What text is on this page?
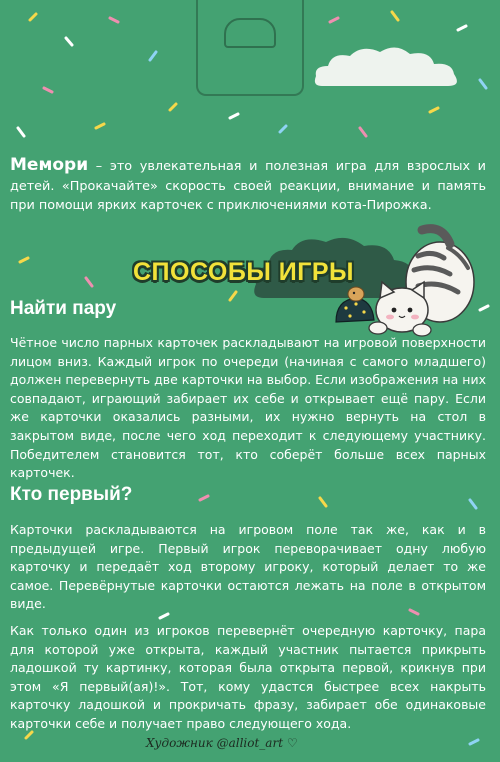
Мемори – это увлекательная и полезная игра для взрослых и детей. «Прокачайте» скорость своей реакции, внимание и память при помощи ярких карточек с приключениями кота-Пирожка.
СПОСОБЫ ИГРЫ
Найти пару
Чётное число парных карточек раскладывают на игровой поверхности лицом вниз. Каждый игрок по очереди (начиная с самого младшего) должен перевернуть две карточки на выбор. Если изображения на них совпадают, играющий забирает их себе и открывает ещё пару. Если же карточки оказались разными, их нужно вернуть на стол в закрытом виде, после чего ход переходит к следующему участнику. Победителем становится тот, кто соберёт больше всех парных карточек.
Кто первый?
Карточки раскладываются на игровом поле так же, как и в предыдущей игре. Первый игрок переворачивает одну любую карточку и передаёт ход второму игроку, который делает то же самое. Перевёрнутые карточки остаются лежать на поле в открытом виде.
Как только один из игроков перевернёт очередную карточку, пара для которой уже открыта, каждый участник пытается прикрыть ладошкой ту картинку, которая была открыта первой, крикнув при этом «Я первый(ая)!». Тот, кому удастся быстрее всех накрыть карточку ладошкой и прокричать фразу, забирает обе одинаковые карточки себе и получает право следующего хода.
Художник @alliot_art ♡
